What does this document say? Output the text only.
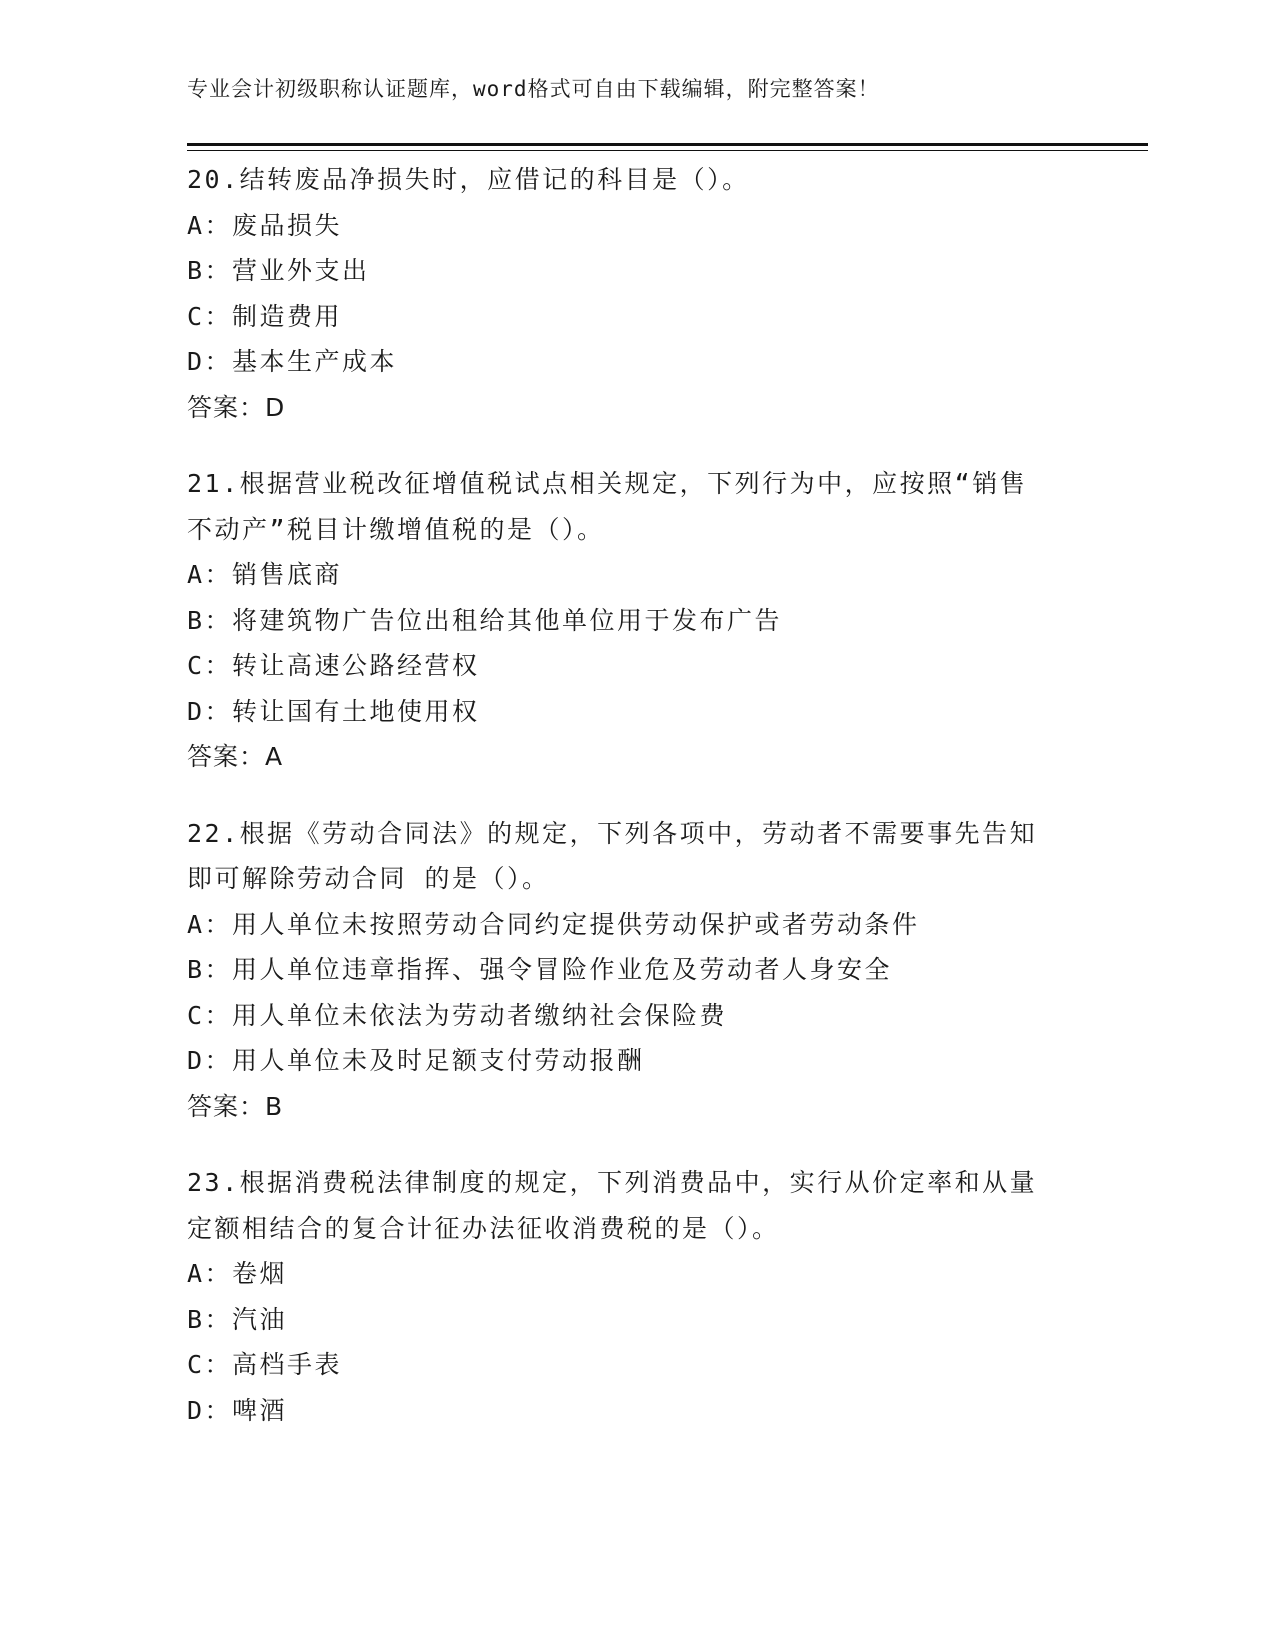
专业会计初级职称认证题库，word格式可自由下载编辑，附完整答案！
20.结转废品净损失时，应借记的科目是（）。
A：废品损失
B：营业外支出
C：制造费用
D：基本生产成本
答案：D
21.根据营业税改征增值税试点相关规定，下列行为中，应按照“销售
不动产”税目计缴增值税的是（）。
A：销售底商
B：将建筑物广告位出租给其他单位用于发布广告
C：转让高速公路经营权
D：转让国有土地使用权
答案：A
22.根据《劳动合同法》的规定，下列各项中，劳动者不需要事先告知
即可解除劳动合同 的是（）。
A：用人单位未按照劳动合同约定提供劳动保护或者劳动条件
B：用人单位违章指挥、强令冒险作业危及劳动者人身安全
C：用人单位未依法为劳动者缴纳社会保险费
D：用人单位未及时足额支付劳动报酬
答案：B
23.根据消费税法律制度的规定，下列消费品中，实行从价定率和从量
定额相结合的复合计征办法征收消费税的是（）。
A：卷烟
B：汽油
C：高档手表
D：啤酒
